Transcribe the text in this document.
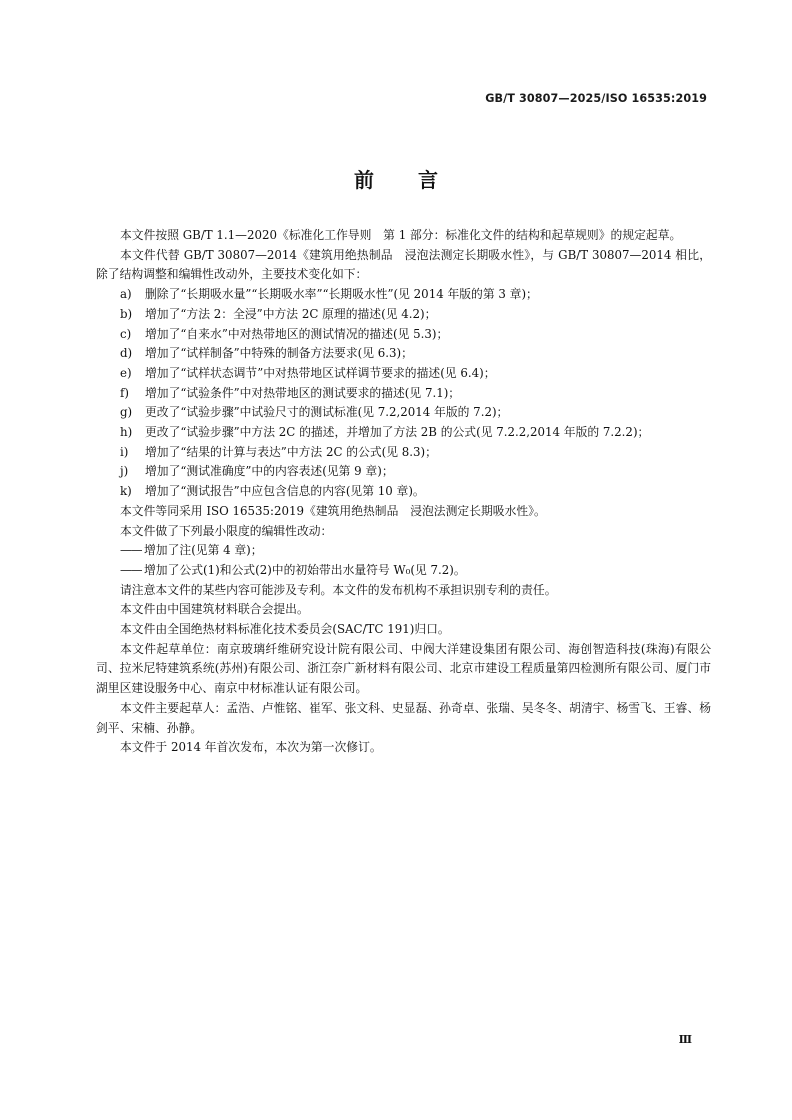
GB/T 30807—2025/ISO 16535:2019
前言

本文件按照 GB/T 1.1—2020《标准化工作导则　第 1 部分：标准化文件的结构和起草规则》的规定起草。

本文件代替 GB/T 30807—2014《建筑用绝热制品　浸泡法测定长期吸水性》，与 GB/T 30807—2014 相比，除了结构调整和编辑性改动外，主要技术变化如下：

a)	删除了“长期吸水量”“长期吸水率”“长期吸水性”(见 2014 年版的第 3 章)；
b)	增加了“方法 2：全浸”中方法 2C 原理的描述(见 4.2)；
c)	增加了“自来水”中对热带地区的测试情况的描述(见 5.3)；
d)	增加了“试样制备”中特殊的制备方法要求(见 6.3)；
e)	增加了“试样状态调节”中对热带地区试样调节要求的描述(见 6.4)；
f)	增加了“试验条件”中对热带地区的测试要求的描述(见 7.1)；
g)	更改了“试验步骤”中试验尺寸的测试标准(见 7.2,2014 年版的 7.2)；
h)	更改了“试验步骤”中方法 2C 的描述，并增加了方法 2B 的公式(见 7.2.2,2014 年版的 7.2.2)；
i)	增加了“结果的计算与表达”中方法 2C 的公式(见 8.3)；
j)	增加了“测试准确度”中的内容表述(见第 9 章)；
k)	增加了“测试报告”中应包含信息的内容(见第 10 章)。

本文件等同采用 ISO 16535:2019《建筑用绝热制品　浸泡法测定长期吸水性》。

本文件做了下列最小限度的编辑性改动：

—— 增加了注(见第 4 章)；
—— 增加了公式(1)和公式(2)中的初始带出水量符号 W₀(见 7.2)。

请注意本文件的某些内容可能涉及专利。本文件的发布机构不承担识别专利的责任。

本文件由中国建筑材料联合会提出。

本文件由全国绝热材料标准化技术委员会(SAC/TC 191)归口。

本文件起草单位：南京玻璃纤维研究设计院有限公司、中阀大洋建设集团有限公司、海创智造科技(珠海)有限公司、拉米尼特建筑系统(苏州)有限公司、浙江奈广新材料有限公司、北京市建设工程质量第四检测所有限公司、厦门市湖里区建设服务中心、南京中材标准认证有限公司。

本文件主要起草人：孟浩、卢惟铭、崔军、张文科、史显磊、孙奇卓、张瑞、吴冬冬、胡清宇、杨雪飞、王睿、杨剑平、宋楠、孙静。

本文件于 2014 年首次发布，本次为第一次修订。

Ⅲ
